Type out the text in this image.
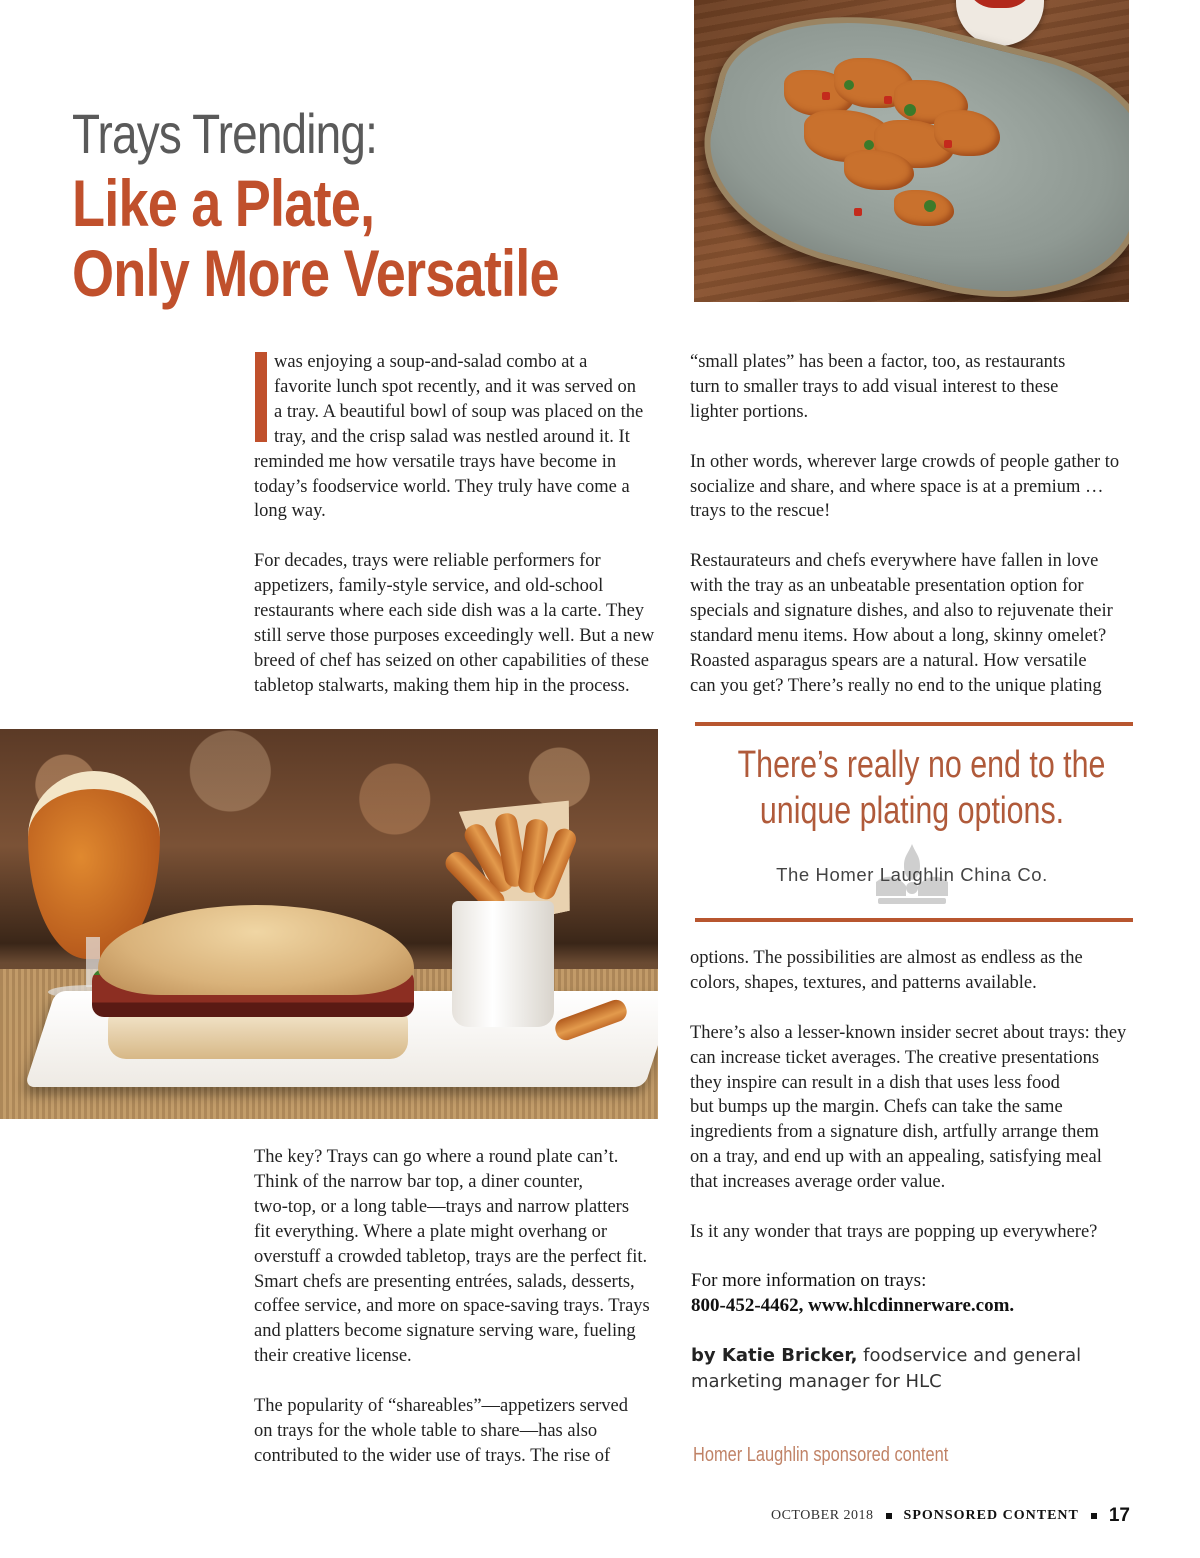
Trays Trending:
Like a Plate,
Only More Versatile

was enjoying a soup-and-salad combo at a
favorite lunch spot recently, and it was served on
a tray. A beautiful bowl of soup was placed on the
tray, and the crisp salad was nestled around it. It

reminded me how versatile trays have become in
today’s foodservice world. They truly have come a
long way.

For decades, trays were reliable performers for
appetizers, family-style service, and old-school
restaurants where each side dish was a la carte. They
still serve those purposes exceedingly well. But a new
breed of chef has seized on other capabilities of these
tabletop stalwarts, making them hip in the process.

“small plates” has been a factor, too, as restaurants
turn to smaller trays to add visual interest to these
lighter portions.

In other words, wherever large crowds of people gather to
socialize and share, and where space is at a premium …
trays to the rescue!

Restaurateurs and chefs everywhere have fallen in love
with the tray as an unbeatable presentation option for
specials and signature dishes, and also to rejuvenate their
standard menu items. How about a long, skinny omelet?
Roasted asparagus spears are a natural. How versatile
can you get? There’s really no end to the unique plating

There’s really no end to the
unique plating options.
The Homer Laughlin China Co.

options. The possibilities are almost as endless as the
colors, shapes, textures, and patterns available.

There’s also a lesser-known insider secret about trays: they
can increase ticket averages. The creative presentations
they inspire can result in a dish that uses less food
but bumps up the margin. Chefs can take the same
ingredients from a signature dish, artfully arrange them
on a tray, and end up with an appealing, satisfying meal
that increases average order value.

Is it any wonder that trays are popping up everywhere?

For more information on trays:
800-452-4462, www.hlcdinnerware.com.
by Katie Bricker, foodservice and general
marketing manager for HLC
Homer Laughlin sponsored content

The key? Trays can go where a round plate can’t.
Think of the narrow bar top, a diner counter,
two-top, or a long table—trays and narrow platters
fit everything. Where a plate might overhang or
overstuff a crowded tabletop, trays are the perfect fit.
Smart chefs are presenting entrées, salads, desserts,
coffee service, and more on space-saving trays. Trays
and platters become signature serving ware, fueling
their creative license.

The popularity of “shareables”—appetizers served
on trays for the whole table to share—has also
contributed to the wider use of trays. The rise of

OCTOBER 2018 SPONSORED CONTENT 17
